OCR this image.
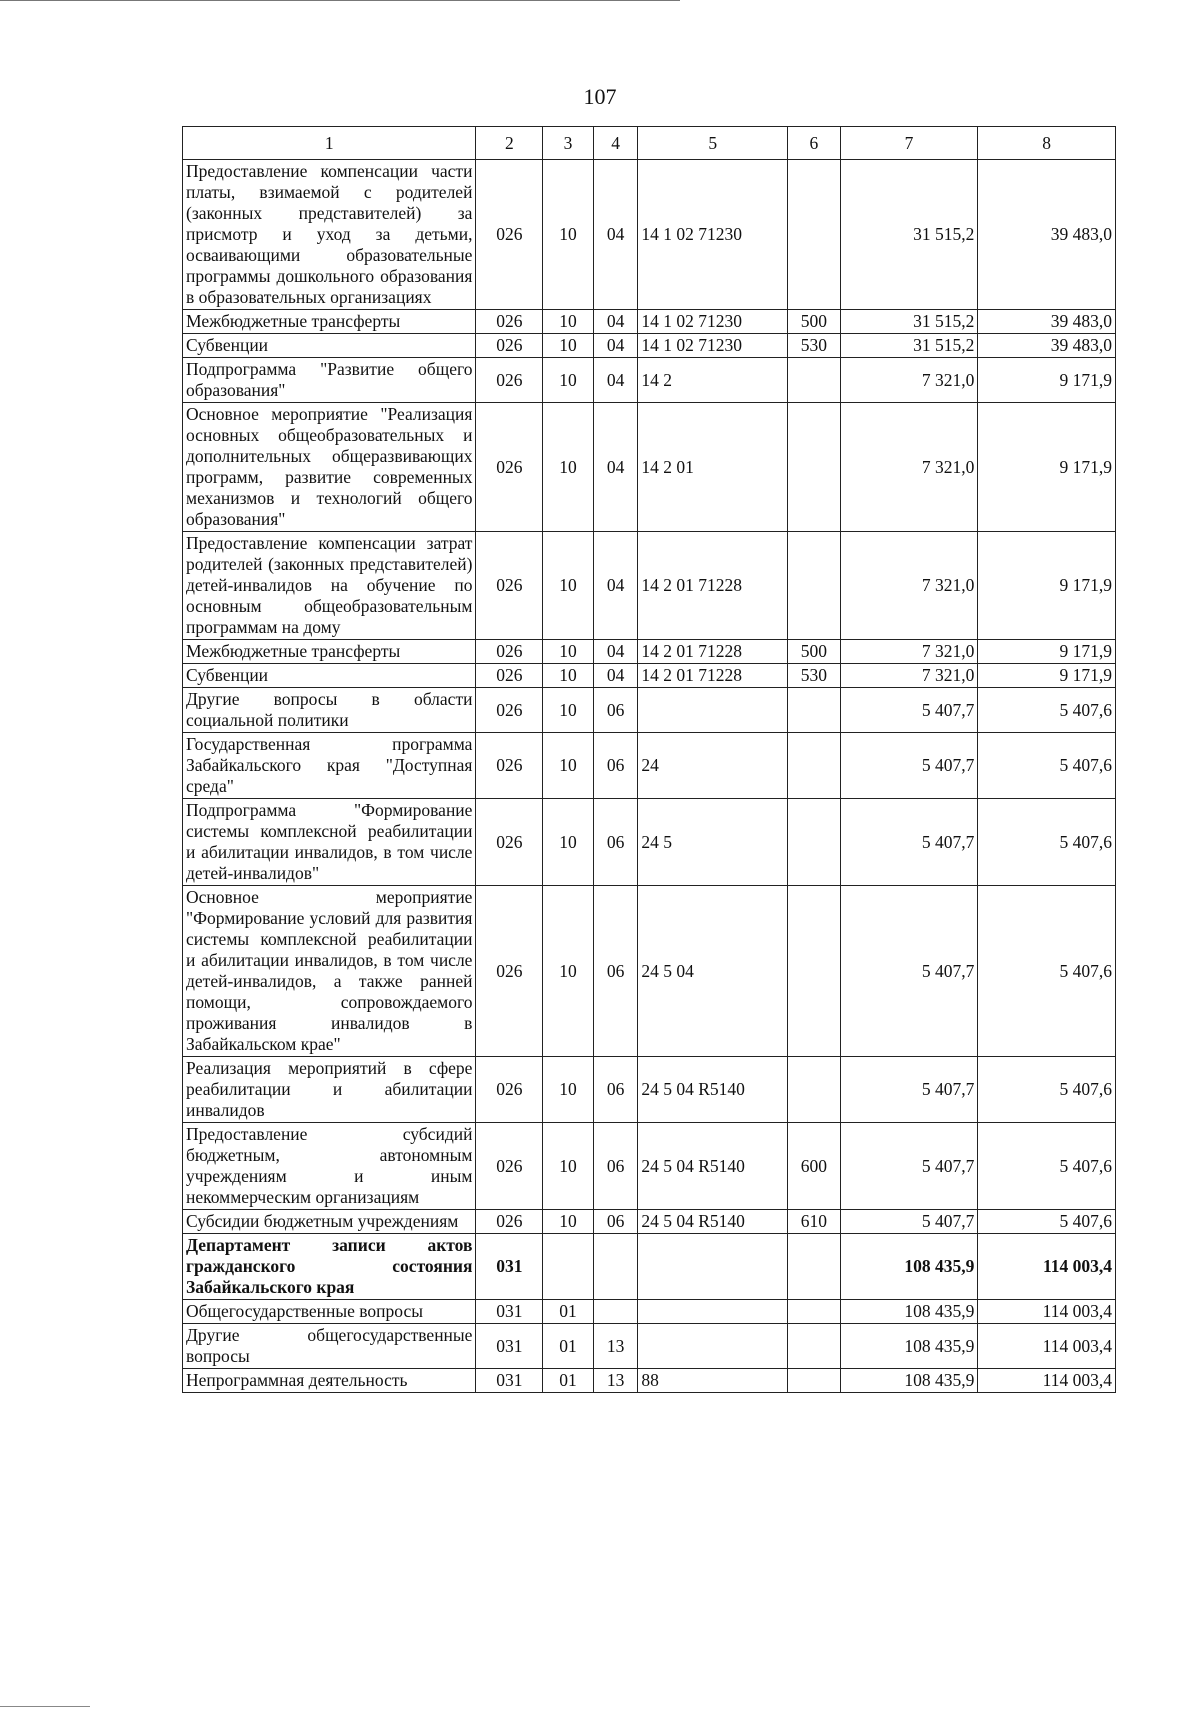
107
1	2	3	4	5	6	7	8
Предоставление компенсации части платы, взимаемой с родителей (законных представителей) за присмотр и уход за детьми, осваивающими образовательные программы дошкольного образования в образовательных организациях	026	10	04	14 1 02 71230		31 515,2	39 483,0
Межбюджетные трансферты	026	10	04	14 1 02 71230	500	31 515,2	39 483,0
Субвенции	026	10	04	14 1 02 71230	530	31 515,2	39 483,0
Подпрограмма "Развитие общего образования"	026	10	04	14 2		7 321,0	9 171,9
Основное мероприятие "Реализация основных общеобразовательных и дополнительных общеразвивающих программ, развитие современных механизмов и технологий общего образования"	026	10	04	14 2 01		7 321,0	9 171,9
Предоставление компенсации затрат родителей (законных представителей) детей-инвалидов на обучение по основным общеобразовательным программам на дому	026	10	04	14 2 01 71228		7 321,0	9 171,9
Межбюджетные трансферты	026	10	04	14 2 01 71228	500	7 321,0	9 171,9
Субвенции	026	10	04	14 2 01 71228	530	7 321,0	9 171,9
Другие вопросы в области социальной политики	026	10	06			5 407,7	5 407,6
Государственная программа Забайкальского края "Доступная среда"	026	10	06	24		5 407,7	5 407,6
Подпрограмма "Формирование системы комплексной реабилитации и абилитации инвалидов, в том числе детей-инвалидов"	026	10	06	24 5		5 407,7	5 407,6
Основное мероприятие "Формирование условий для развития системы комплексной реабилитации и абилитации инвалидов, в том числе детей-инвалидов, а также ранней помощи, сопровождаемого проживания инвалидов в Забайкальском крае"	026	10	06	24 5 04		5 407,7	5 407,6
Реализация мероприятий в сфере реабилитации и абилитации инвалидов	026	10	06	24 5 04 R5140		5 407,7	5 407,6
Предоставление субсидий бюджетным, автономным учреждениям и иным некоммерческим организациям	026	10	06	24 5 04 R5140	600	5 407,7	5 407,6
Субсидии бюджетным учреждениям	026	10	06	24 5 04 R5140	610	5 407,7	5 407,6
Департамент записи актов гражданского состояния Забайкальского края	031					108 435,9	114 003,4
Общегосударственные вопросы	031	01				108 435,9	114 003,4
Другие общегосударственные вопросы	031	01	13			108 435,9	114 003,4
Непрограммная деятельность	031	01	13	88		108 435,9	114 003,4
